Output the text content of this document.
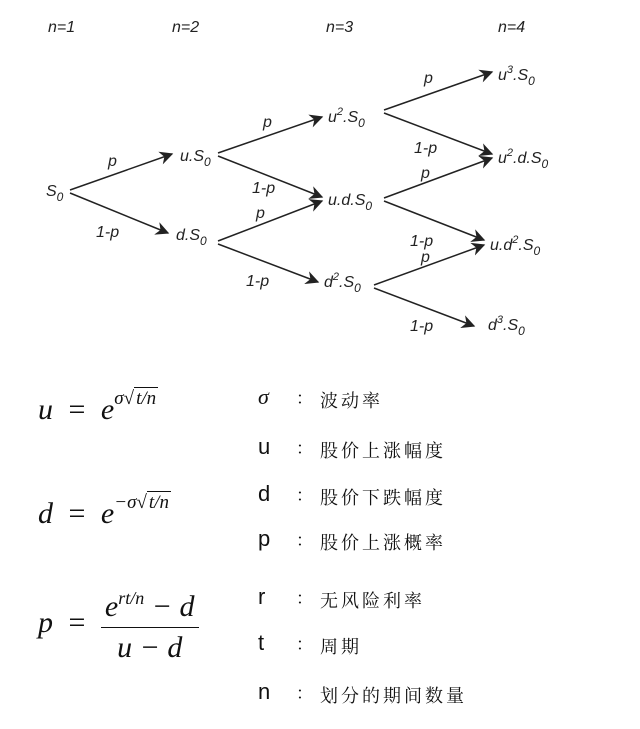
n=1	n=2	n=3	n=4
p
1-p
p
1-p
p
1-p
p
1-p
p
1-p
p
1-p
$S_0$
$u.S_0$
$d.S_0$
$u^2.S_0$
$u.d.S_0$
$d^2.S_0$
$u^3.S_0$
$u^2.d.S_0$
$u.d^2.S_0$
$d^3.S_0$
$u = e^{\sigma√ t/n}$
$d = e^{-\sigma√ t/n}$
$p = \frac{e^{rt/n} - d}{u - d}$
σ	： 波动率
u	： 股价上涨幅度
d	： 股价下跌幅度
p	： 股价上涨概率
r	： 无风险利率
t	： 周期
n	： 划分的期间数量
